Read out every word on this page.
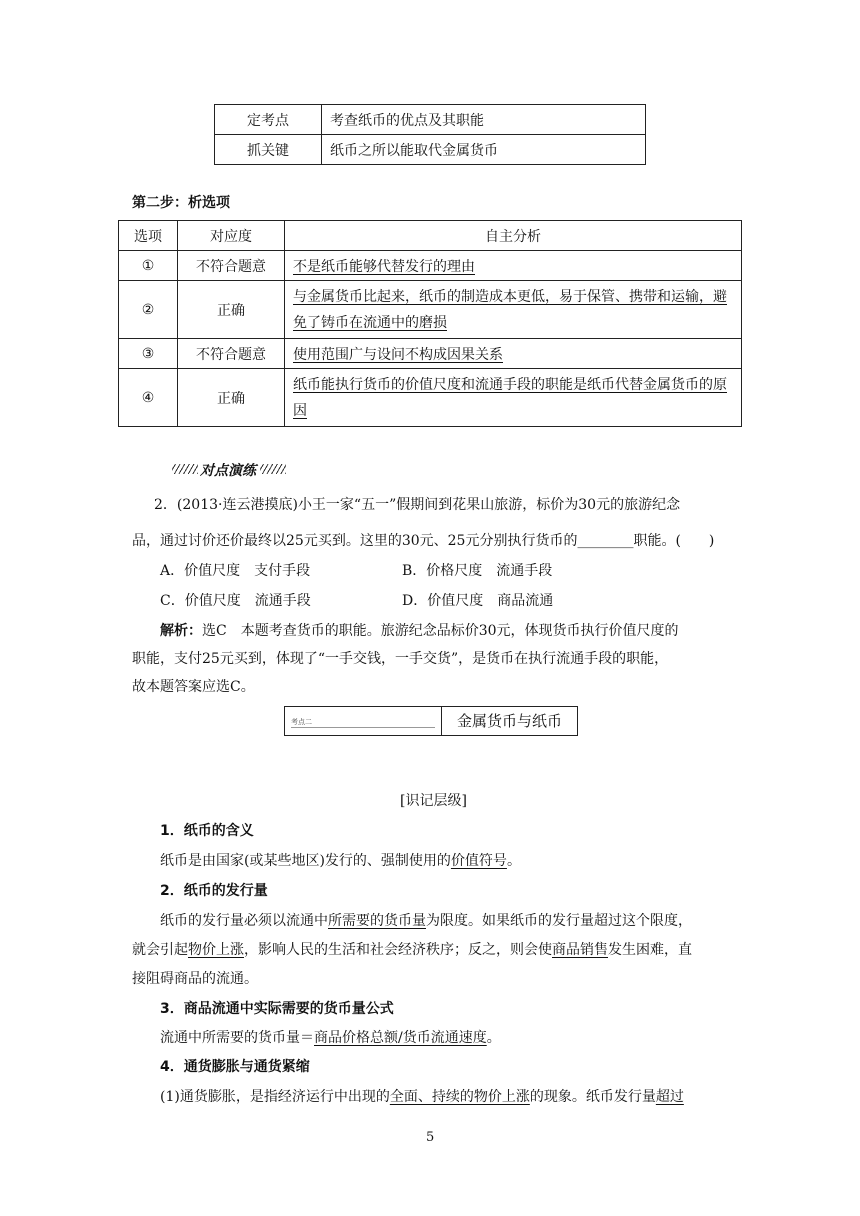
定考点	考查纸币的优点及其职能
抓关键	纸币之所以能取代金属货币
第二步：析选项
选项	对应度	自主分析
①	不符合题意	不是纸币能够代替发行的理由
②	正确	与金属货币比起来，纸币的制造成本更低，易于保管、携带和运输，避免了铸币在流通中的磨损
③	不符合题意	使用范围广与设问不构成因果关系
④	正确	纸币能执行货币的价值尺度和流通手段的职能是纸币代替金属货币的原因
对点演练
2．(2013·连云港摸底)小王一家“五一”假期间到花果山旅游，标价为30元的旅游纪念
品，通过讨价还价最终以25元买到。这里的30元、25元分别执行货币的________职能。(　　)
A．价值尺度　支付手段	B．价格尺度　流通手段
C．价值尺度　流通手段	D．价值尺度　商品流通
解析：选C　本题考查货币的职能。旅游纪念品标价30元，体现货币执行价值尺度的
职能，支付25元买到，体现了“一手交钱，一手交货”，是货币在执行流通手段的职能，
故本题答案应选C。
考点二	金属货币与纸币
[识记层级]
1．纸币的含义
纸币是由国家(或某些地区)发行的、强制使用的价值符号。
2．纸币的发行量
纸币的发行量必须以流通中所需要的货币量为限度。如果纸币的发行量超过这个限度，
就会引起物价上涨，影响人民的生活和社会经济秩序；反之，则会使商品销售发生困难，直
接阻碍商品的流通。
3．商品流通中实际需要的货币量公式
流通中所需要的货币量＝商品价格总额/货币流通速度。
4．通货膨胀与通货紧缩
(1)通货膨胀，是指经济运行中出现的全面、持续的物价上涨的现象。纸币发行量超过
5
